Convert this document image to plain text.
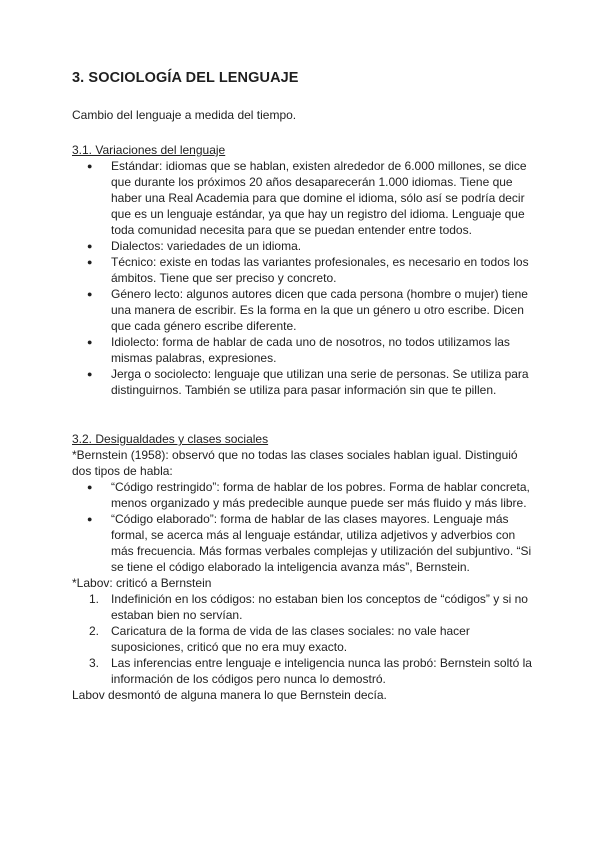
3. SOCIOLOGÍA DEL LENGUAJE
Cambio del lenguaje a medida del tiempo.
3.1. Variaciones del lenguaje
● Estándar: idiomas que se hablan, existen alrededor de 6.000 millones, se dice que durante los próximos 20 años desaparecerán 1.000 idiomas. Tiene que haber una Real Academia para que domine el idioma, sólo así se podría decir que es un lenguaje estándar, ya que hay un registro del idioma. Lenguaje que toda comunidad necesita para que se puedan entender entre todos.
● Dialectos: variedades de un idioma.
● Técnico: existe en todas las variantes profesionales, es necesario en todos los ámbitos. Tiene que ser preciso y concreto.
● Género lecto: algunos autores dicen que cada persona (hombre o mujer) tiene una manera de escribir. Es la forma en la que un género u otro escribe. Dicen que cada género escribe diferente.
● Idiolecto: forma de hablar de cada uno de nosotros, no todos utilizamos las mismas palabras, expresiones.
● Jerga o sociolecto: lenguaje que utilizan una serie de personas. Se utiliza para distinguirnos. También se utiliza para pasar información sin que te pillen.
3.2. Desigualdades y clases sociales

*Bernstein (1958): observó que no todas las clases sociales hablan igual. Distinguió dos tipos de habla:

● “Código restringido”: forma de hablar de los pobres. Forma de hablar concreta, menos organizado y más predecible aunque puede ser más fluido y más libre.
● “Código elaborado”: forma de hablar de las clases mayores. Lenguaje más formal, se acerca más al lenguaje estándar, utiliza adjetivos y adverbios con más frecuencia. Más formas verbales complejas y utilización del subjuntivo. “Si se tiene el código elaborado la inteligencia avanza más”, Bernstein.

*Labov: criticó a Bernstein

1. Indefinición en los códigos: no estaban bien los conceptos de “códigos” y si no estaban bien no servían.
2. Caricatura de la forma de vida de las clases sociales: no vale hacer suposiciones, criticó que no era muy exacto.
3. Las inferencias entre lenguaje e inteligencia nunca las probó: Bernstein soltó la información de los códigos pero nunca lo demostró.

Labov desmontó de alguna manera lo que Bernstein decía.
